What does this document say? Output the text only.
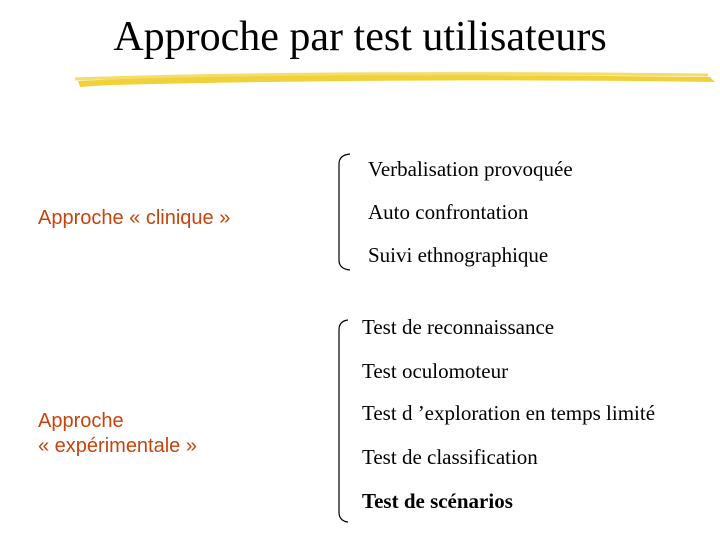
Approche par test utilisateurs
Approche « clinique »
Verbalisation provoquée
Auto confrontation
Suivi ethnographique
Approche
« expérimentale »
Test de reconnaissance
Test oculomoteur
Test d ’exploration en temps limité
Test de classification
Test de scénarios
